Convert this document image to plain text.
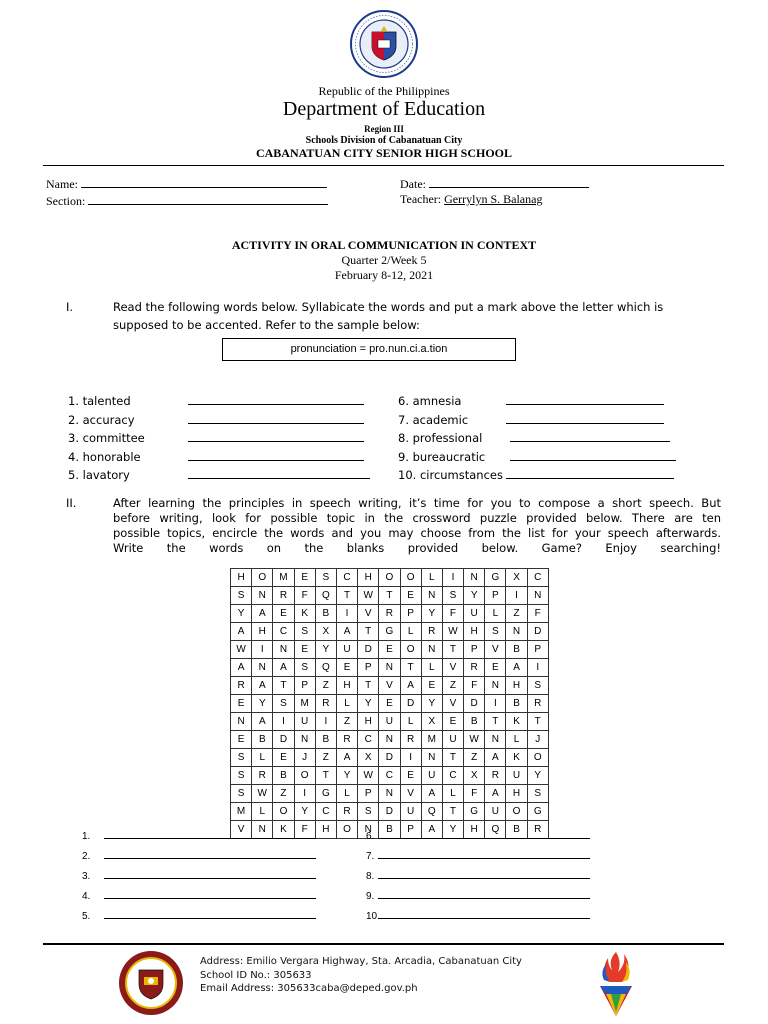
Republic of the Philippines
Department of Education
Region III
Schools Division of Cabanatuan City
CABANATUAN CITY SENIOR HIGH SCHOOL
Name:
Section:
Date:
Teacher: Gerrylyn S. Balanag
ACTIVITY IN ORAL COMMUNICATION IN CONTEXT
Quarter 2/Week 5
February 8-12, 2021
I.	Read the following words below. Syllabicate the words and put a mark above the letter which is
supposed to be accented. Refer to the sample below:
pronunciation = pro.nun.ci.a.tion
1. talented
2. accuracy
3. committee
4. honorable
5. lavatory
6. amnesia
7. academic
8. professional
9. bureaucratic
10. circumstances
II.	After learning the principles in speech writing, it’s time for you to compose a short speech. But
before writing, look for possible topic in the crossword puzzle provided below. There are ten
possible topics, encircle the words and you may choose from the list for your speech afterwards.
Write the words on the blanks provided below. Game? Enjoy searching!
H	O	M	E	S	C	H	O	O	L	I	N	G	X	C
S	N	R	F	Q	T	W	T	E	N	S	Y	P	I	N
Y	A	E	K	B	I	V	R	P	Y	F	U	L	Z	F
A	H	C	S	X	A	T	G	L	R	W	H	S	N	D
W	I	N	E	Y	U	D	E	O	N	T	P	V	B	P
A	N	A	S	Q	E	P	N	T	L	V	R	E	A	I
R	A	T	P	Z	H	T	V	A	E	Z	F	N	H	S
E	Y	S	M	R	L	Y	E	D	Y	V	D	I	B	R
N	A	I	U	I	Z	H	U	L	X	E	B	T	K	T
E	B	D	N	B	R	C	N	R	M	U	W	N	L	J
S	L	E	J	Z	A	X	D	I	N	T	Z	A	K	O
S	R	B	O	T	Y	W	C	E	U	C	X	R	U	Y
S	W	Z	I	G	L	P	N	V	A	L	F	A	H	S
M	L	O	Y	C	R	S	D	U	Q	T	G	U	O	G
V	N	K	F	H	O	N	B	P	A	Y	H	Q	B	R
1.
2.
3.
4.
5.
6.
7.
8.
9.
10.
Address: Emilio Vergara Highway, Sta. Arcadia, Cabanatuan City
School ID No.: 305633
Email Address: 305633caba@deped.gov.ph
